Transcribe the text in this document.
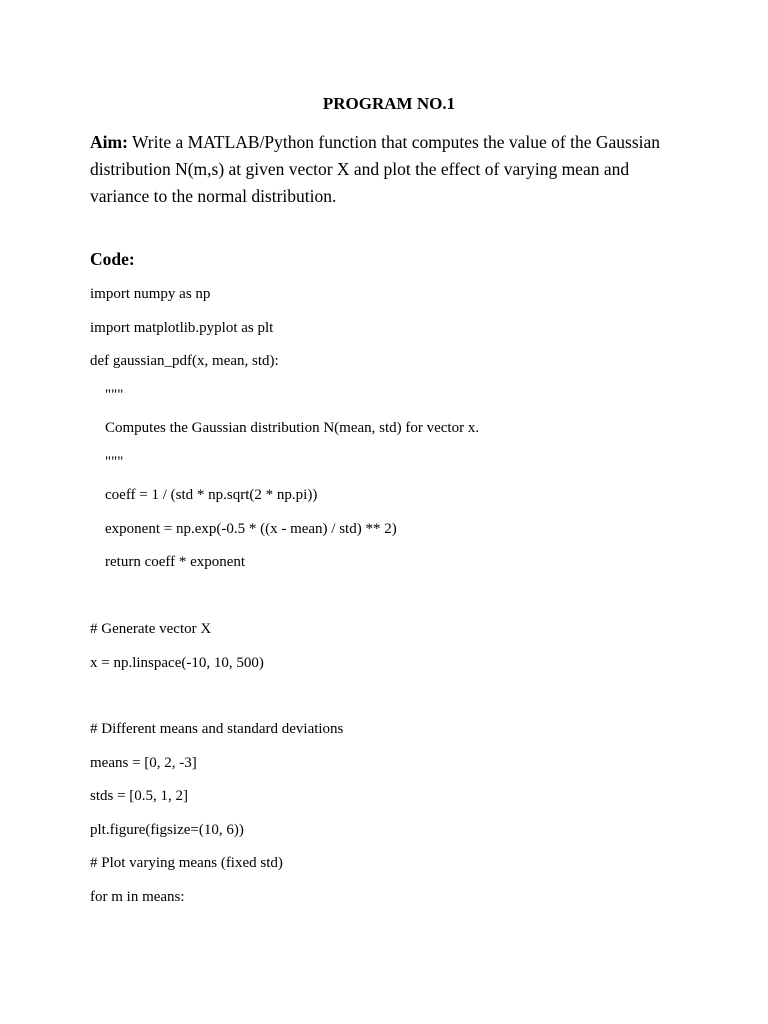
PROGRAM NO.1
Aim: Write a MATLAB/Python function that computes the value of the Gaussian distribution N(m,s) at given vector X and plot the effect of varying mean and variance to the normal distribution.
Code:
import numpy as np
import matplotlib.pyplot as plt
def gaussian_pdf(x, mean, std):
"""
Computes the Gaussian distribution N(mean, std) for vector x.
"""
coeff = 1 / (std * np.sqrt(2 * np.pi))
exponent = np.exp(-0.5 * ((x - mean) / std) ** 2)
return coeff * exponent
# Generate vector X
x = np.linspace(-10, 10, 500)
# Different means and standard deviations
means = [0, 2, -3]
stds = [0.5, 1, 2]
plt.figure(figsize=(10, 6))
# Plot varying means (fixed std)
for m in means:
